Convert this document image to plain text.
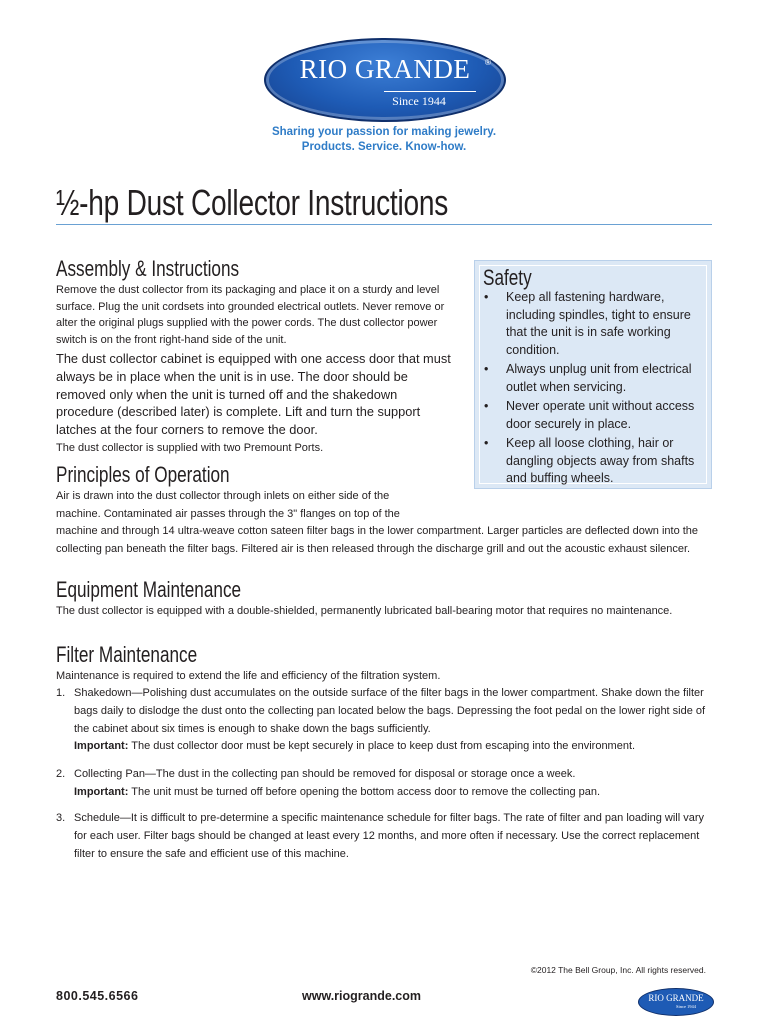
RIO GRANDE	®
Since 1944
Sharing your passion for making jewelry.
Products. Service. Know-how.
½-hp Dust Collector Instructions
Assembly & Instructions

Remove the dust collector from its packaging and place it on a sturdy and level surface. Plug the unit cordsets into grounded electrical outlets. Never remove or alter the original plugs supplied with the power cords. The dust collector power switch is on the front right-hand side of the unit.

The dust collector cabinet is equipped with one access door that must always be in place when the unit is in use. The door should be removed only when the unit is turned off and the shakedown procedure (described later) is complete. Lift and turn the support latches at the four corners to remove the door.

The dust collector is supplied with two Premount Ports.

Safety
• Keep all fastening hardware, including spindles, tight to ensure that the unit is in safe working condition.
• Always unplug unit from electrical outlet when servicing.
• Never operate unit without access door securely in place.
• Keep all loose clothing, hair or dangling objects away from shafts and buffing wheels.
Principles of Operation
Air is drawn into the dust collector through inlets on either side of the
machine. Contaminated air passes through the 3" flanges on top of the

machine and through 14 ultra-weave cotton sateen filter bags in the lower compartment. Larger particles are deflected down into the collecting pan beneath the filter bags. Filtered air is then released through the discharge grill and out the acoustic exhaust silencer.

Equipment Maintenance

The dust collector is equipped with a double-shielded, permanently lubricated ball-bearing motor that requires no maintenance.

Filter Maintenance

Maintenance is required to extend the life and efficiency of the filtration system.

1. Shakedown—Polishing dust accumulates on the outside surface of the filter bags in the lower compartment. Shake down the filter bags daily to dislodge the dust onto the collecting pan located below the bags. Depressing the foot pedal on the lower right side of the cabinet about six times is enough to shake down the bags sufficiently.
Important: The dust collector door must be kept securely in place to keep dust from escaping into the environment.
2. Collecting Pan—The dust in the collecting pan should be removed for disposal or storage once a week.
Important: The unit must be turned off before opening the bottom access door to remove the collecting pan.
3. Schedule—It is difficult to pre-determine a specific maintenance schedule for filter bags. The rate of filter and pan loading will vary for each user. Filter bags should be changed at least every 12 months, and more often if necessary. Use the correct replacement filter to ensure the safe and efficient use of this machine.
©2012 The Bell Group, Inc. All rights reserved.
800.545.6566	www.riogrande.com	RIO GRANDE
Since 1944
